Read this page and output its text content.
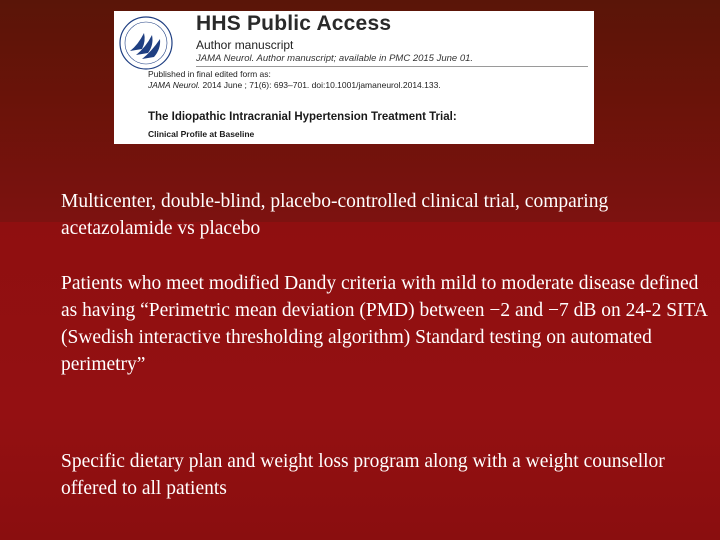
HHS Public Access
Author manuscript
JAMA Neurol. Author manuscript; available in PMC 2015 June 01.
Published in final edited form as:
JAMA Neurol. 2014 June ; 71(6): 693–701. doi:10.1001/jamaneurol.2014.133.
The Idiopathic Intracranial Hypertension Treatment Trial:
Clinical Profile at Baseline

Multicenter, double-blind, placebo-controlled clinical trial, comparing acetazolamide vs placebo

Patients who meet modified Dandy criteria with mild to moderate disease defined as having “Perimetric mean deviation (PMD) between −2 and −7 dB on 24-2 SITA (Swedish interactive thresholding algorithm) Standard testing on automated perimetry”

Specific dietary plan and weight loss program along with a weight counsellor offered to all patients
